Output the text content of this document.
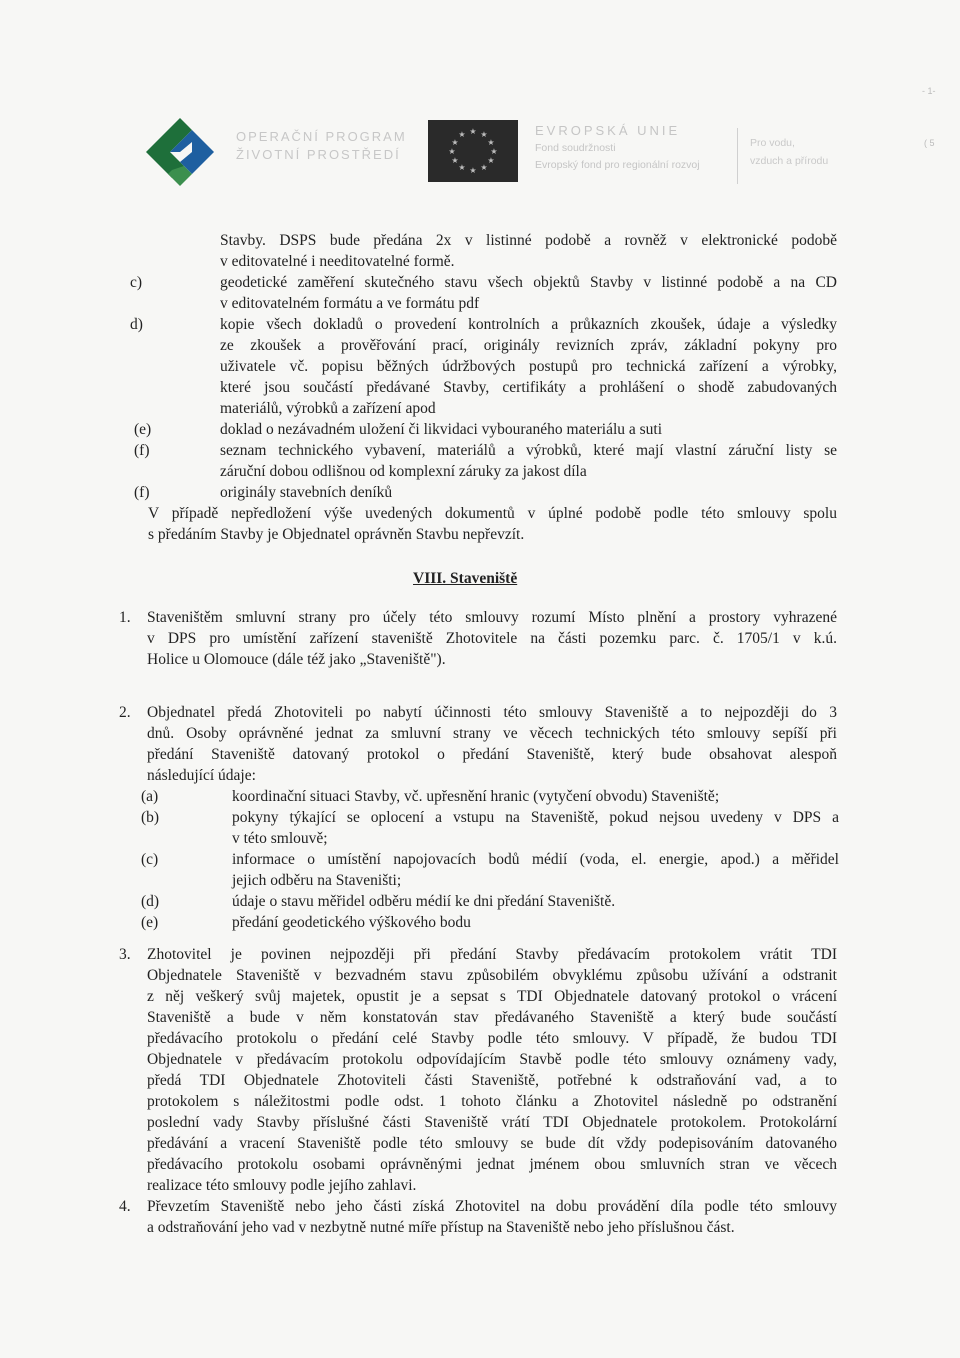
OPERAČNÍ PROGRAM
ŽIVOTNÍ PROSTŘEDÍ
★ ★
★
★
★
★
★
★
★
★
★
★	EVROPSKÁ UNIE
Fond soudržnosti
Evropský fond pro regionální rozvoj
Pro vodu,
vzduch a přírodu
- 1-
( 5
Stavby. DSPS bude předána 2x v listinné podobě a rovněž v elektronické podobě
v editovatelné i needitovatelné formě.
c)	geodetické zaměření skutečného stavu všech objektů Stavby v listinné podobě a na CD
v editovatelném formátu a ve formátu pdf
d)	kopie všech dokladů o provedení kontrolních a průkazních zkoušek, údaje a výsledky
ze zkoušek a prověřování prací, originály revizních zpráv, základní pokyny pro
uživatele vč. popisu běžných údržbových postupů pro technická zařízení a výrobky,
které jsou součástí předávané Stavby, certifikáty a prohlášení o shodě zabudovaných
materiálů, výrobků a zařízení apod
(e)	doklad o nezávadném uložení či likvidaci vybouraného materiálu a suti
(f)	seznam technického vybavení, materiálů a výrobků, které mají vlastní záruční listy se
záruční dobou odlišnou od komplexní záruky za jakost díla
(f)	originály stavebních deníků
V případě nepředložení výše uvedených dokumentů v úplné podobě podle této smlouvy spolu
s předáním Stavby je Objednatel oprávněn Stavbu nepřevzít.
VIII. Staveniště
1. Staveništěm smluvní strany pro účely této smlouvy rozumí Místo plnění a prostory vyhrazené
v DPS pro umístění zařízení staveniště Zhotovitele na části pozemku parc. č. 1705/1 v k.ú.
Holice u Olomouce (dále též jako „Staveniště").
2. Objednatel předá Zhotoviteli po nabytí účinnosti této smlouvy Staveniště a to nejpozději do 3
dnů. Osoby oprávněné jednat za smluvní strany ve věcech technických této smlouvy sepíší při
předání Staveniště datovaný protokol o předání Staveniště, který bude obsahovat alespoň
následující údaje:
(a)	koordinační situaci Stavby, vč. upřesnění hranic (vytyčení obvodu) Staveniště;
(b)	pokyny týkající se oplocení a vstupu na Staveniště, pokud nejsou uvedeny v DPS a
v této smlouvě;
(c)	informace o umístění napojovacích bodů médií (voda, el. energie, apod.) a měřidel
jejich odběru na Staveništi;
(d)	údaje o stavu měřidel odběru médií ke dni předání Staveniště.
(e)	předání geodetického výškového bodu
3. Zhotovitel je povinen nejpozději při předání Stavby předávacím protokolem vrátit TDI
Objednatele Staveniště v bezvadném stavu způsobilém obvyklému způsobu užívání a odstranit
z něj veškerý svůj majetek, opustit je a sepsat s TDI Objednatele datovaný protokol o vrácení
Staveniště a bude v něm konstatován stav předávaného Staveniště a který bude součástí
předávacího protokolu o předání celé Stavby podle této smlouvy. V případě, že budou TDI
Objednatele v předávacím protokolu odpovídajícím Stavbě podle této smlouvy oznámeny vady,
předá TDI Objednatele Zhotoviteli části Staveniště, potřebné k odstraňování vad, a to
protokolem s náležitostmi podle odst. 1 tohoto článku a Zhotovitel následně po odstranění
poslední vady Stavby příslušné části Staveniště vrátí TDI Objednatele protokolem. Protokolární
předávání a vracení Staveniště podle této smlouvy se bude dít vždy podepisováním datovaného
předávacího protokolu osobami oprávněnými jednat jménem obou smluvních stran ve věcech
realizace této smlouvy podle jejího zahlavi.
4. Převzetím Staveniště nebo jeho části získá Zhotovitel na dobu provádění díla podle této smlouvy
a odstraňování jeho vad v nezbytně nutné míře přístup na Staveniště nebo jeho příslušnou část.
